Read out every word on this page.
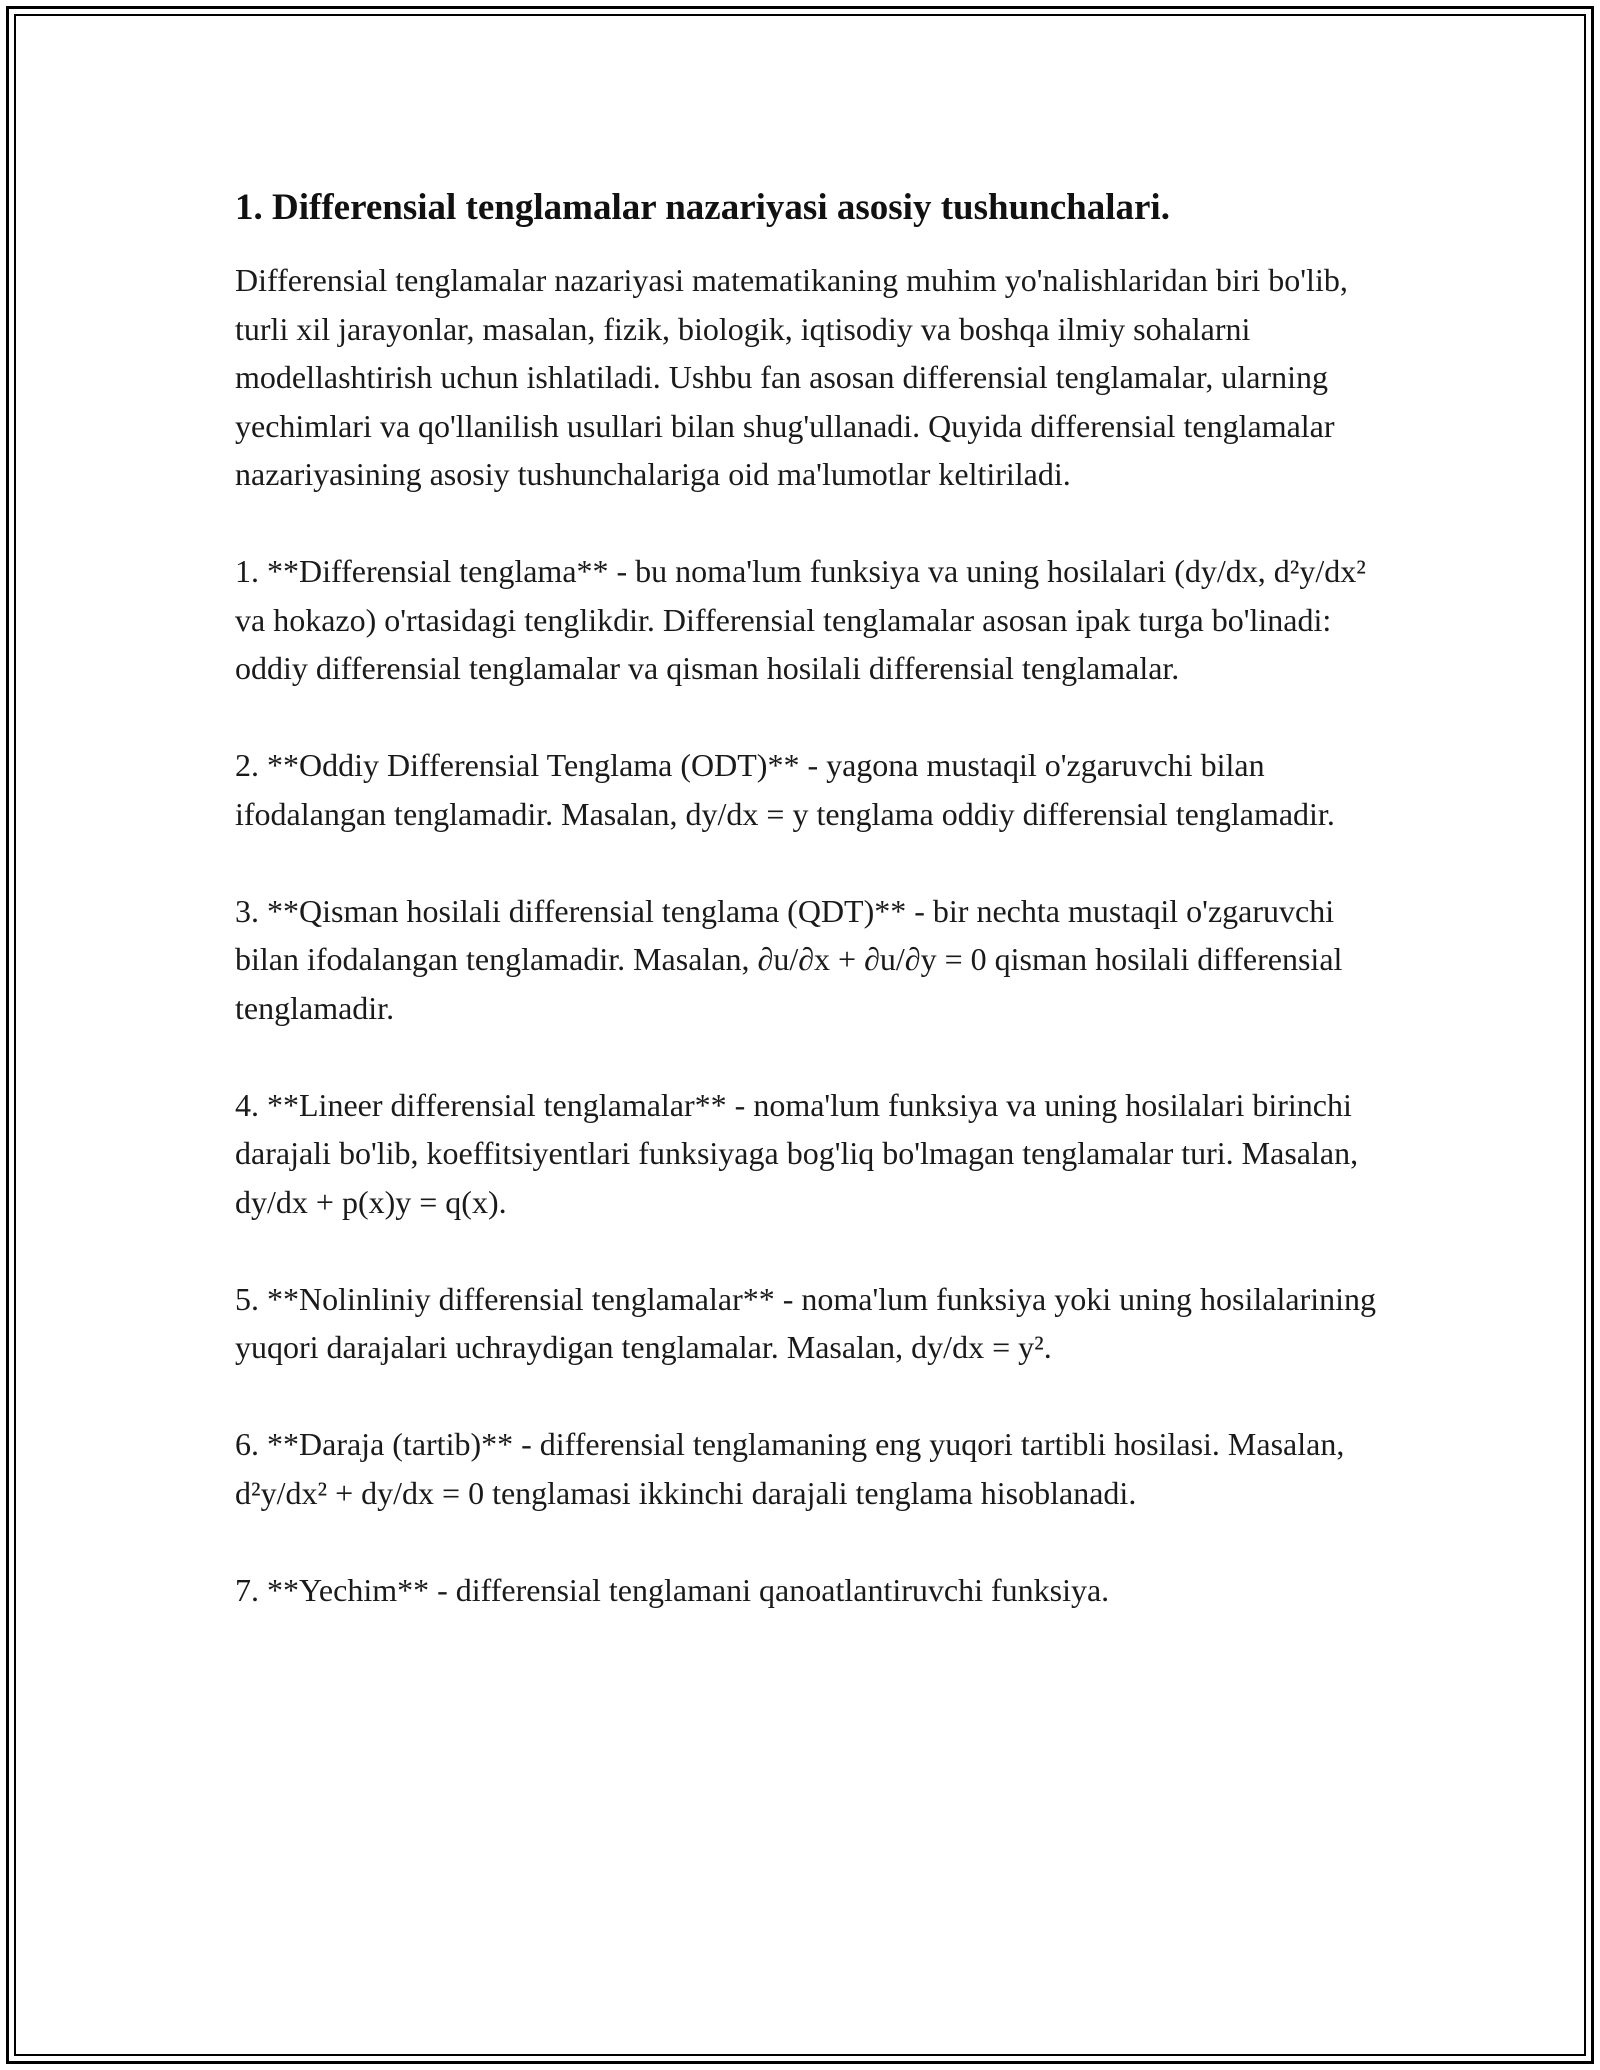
1. Differensial tenglamalar nazariyasi asosiy tushunchalari.

Differensial tenglamalar nazariyasi matematikaning muhim yo'nalishlaridan biri bo'lib, turli xil jarayonlar, masalan, fizik, biologik, iqtisodiy va boshqa ilmiy sohalarni modellashtirish uchun ishlatiladi. Ushbu fan asosan differensial tenglamalar, ularning yechimlari va qo'llanilish usullari bilan shug'ullanadi. Quyida differensial tenglamalar nazariyasining asosiy tushunchalariga oid ma'lumotlar keltiriladi.

1. **Differensial tenglama** - bu noma'lum funksiya va uning hosilalari (dy/dx, d²y/dx² va hokazo) o'rtasidagi tenglikdir. Differensial tenglamalar asosan ipak turga bo'linadi: oddiy differensial tenglamalar va qisman hosilali differensial tenglamalar.

2. **Oddiy Differensial Tenglama (ODT)** - yagona mustaqil o'zgaruvchi bilan ifodalangan tenglamadir. Masalan, dy/dx = y tenglama oddiy differensial tenglamadir.

3. **Qisman hosilali differensial tenglama (QDT)** - bir nechta mustaqil o'zgaruvchi bilan ifodalangan tenglamadir. Masalan, ∂u/∂x + ∂u/∂y = 0 qisman hosilali differensial tenglamadir.

4. **Lineer differensial tenglamalar** - noma'lum funksiya va uning hosilalari birinchi darajali bo'lib, koeffitsiyentlari funksiyaga bog'liq bo'lmagan tenglamalar turi. Masalan, dy/dx + p(x)y = q(x).

5. **Nolinliniy differensial tenglamalar** - noma'lum funksiya yoki uning hosilalarining yuqori darajalari uchraydigan tenglamalar. Masalan, dy/dx = y².

6. **Daraja (tartib)** - differensial tenglamaning eng yuqori tartibli hosilasi. Masalan, d²y/dx² + dy/dx = 0 tenglamasi ikkinchi darajali tenglama hisoblanadi.

7. **Yechim** - differensial tenglamani qanoatlantiruvchi funksiya.
